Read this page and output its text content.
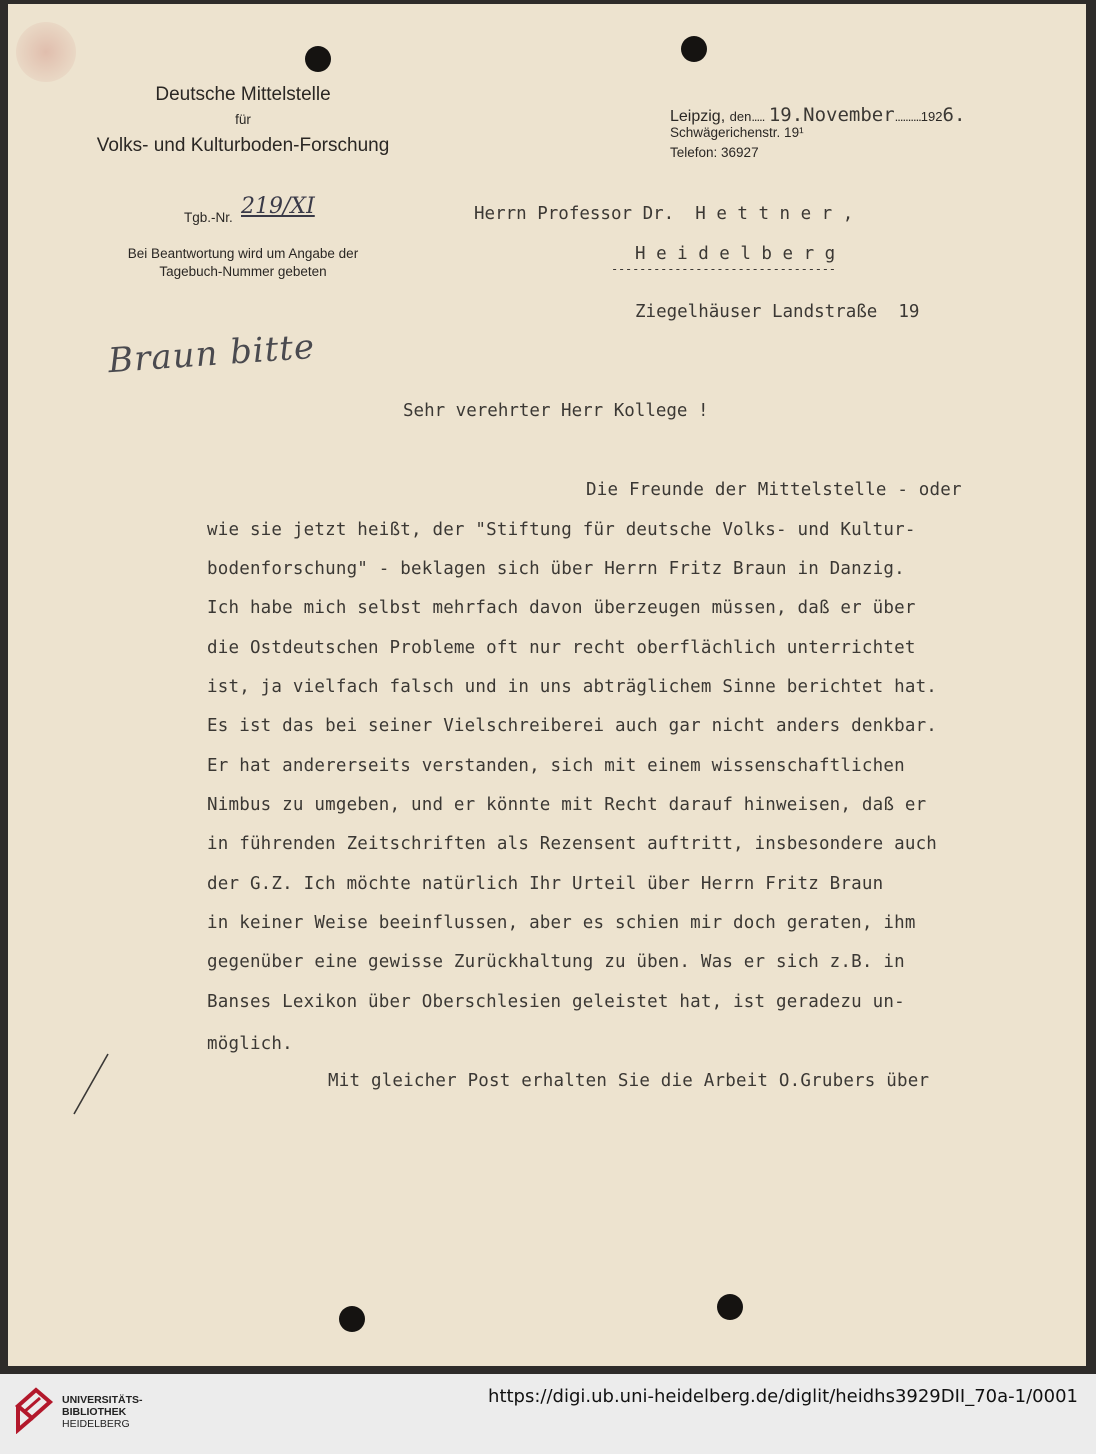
Deutsche Mittelstelle
für
Volks- und Kulturboden-Forschung
Tgb.-Nr. 219/XI
Bei Beantwortung wird um Angabe der
Tagebuch-Nummer gebeten
Braun bitte
Leipzig, den..... 19.November..........1926.
Schwägerichenstr. 19¹
Telefon: 36927
Herrn Professor Dr.  H e t t n e r ,
H e i d e l b e r g
--------------------------------
Ziegelhäuser Landstraße  19
Sehr verehrter Herr Kollege !
Die Freunde der Mittelstelle - oder
wie sie jetzt heißt, der "Stiftung für deutsche Volks- und Kultur-
bodenforschung" - beklagen sich über Herrn Fritz Braun in Danzig.
Ich habe mich selbst mehrfach davon überzeugen müssen, daß er über
die Ostdeutschen Probleme oft nur recht oberflächlich unterrichtet
ist, ja vielfach falsch und in uns abträglichem Sinne berichtet hat.
Es ist das bei seiner Vielschreiberei auch gar nicht anders denkbar.
Er hat andererseits verstanden, sich mit einem wissenschaftlichen
Nimbus zu umgeben, und er könnte mit Recht darauf hinweisen, daß er
in führenden Zeitschriften als Rezensent auftritt, insbesondere auch
der G.Z. Ich möchte natürlich Ihr Urteil über Herrn Fritz Braun
in keiner Weise beeinflussen, aber es schien mir doch geraten, ihm
gegenüber eine gewisse Zurückhaltung zu üben. Was er sich z.B. in
Banses Lexikon über Oberschlesien geleistet hat, ist geradezu un-
möglich.
Mit gleicher Post erhalten Sie die Arbeit O.Grubers über
UNIVERSITÄTS-
BIBLIOTHEK
HEIDELBERG
https://digi.ub.uni-heidelberg.de/diglit/heidhs3929DII_70a-1/0001
